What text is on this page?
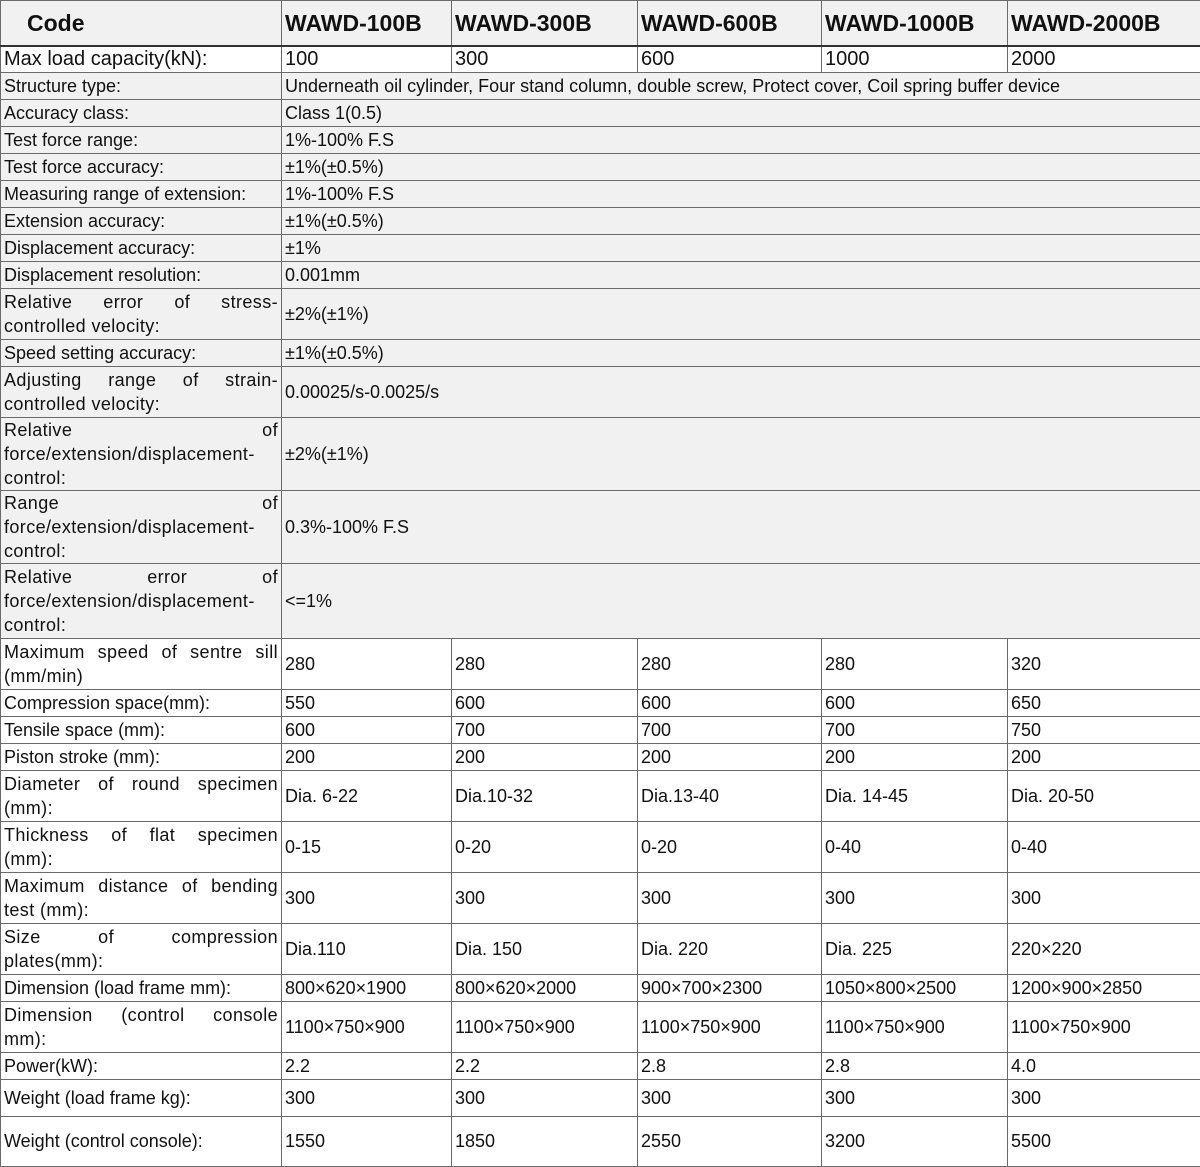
Code	WAWD-100B	WAWD-300B	WAWD-600B	WAWD-1000B	WAWD-2000B
Max load capacity(kN):	100	300	600	1000	2000
Structure type:	Underneath oil cylinder, Four stand column, double screw, Protect cover, Coil spring buffer device				
Accuracy class:	Class 1(0.5)				
Test force range:	1%-100% F.S				
Test force accuracy:	±1%(±0.5%)				
Measuring range of extension:	1%-100% F.S				
Extension accuracy:	±1%(±0.5%)				
Displacement accuracy:	±1%				
Displacement resolution:	0.001mm				
Relative error of stress-controlled velocity:	±2%(±1%)				
Speed setting accuracy:	±1%(±0.5%)				
Adjusting range of strain-controlled velocity:	0.00025/s-0.0025/s				
Relative of force/extension/displacement-control:	±2%(±1%)				
Range of force/extension/displacement-control:	0.3%-100% F.S				
Relative error of force/extension/displacement-control:	<=1%				
Maximum speed of sentre sill (mm/min)	280	280	280	280	320
Compression space(mm):	550	600	600	600	650
Tensile space (mm):	600	700	700	700	750
Piston stroke (mm):	200	200	200	200	200
Diameter of round specimen (mm):	Dia. 6-22	Dia.10-32	Dia.13-40	Dia. 14-45	Dia. 20-50
Thickness of flat specimen (mm):	0-15	0-20	0-20	0-40	0-40
Maximum distance of bending test (mm):	300	300	300	300	300
Size of compression plates(mm):	Dia.110	Dia. 150	Dia. 220	Dia. 225	220×220
Dimension (load frame mm):	800×620×1900	800×620×2000	900×700×2300	1050×800×2500	1200×900×2850
Dimension (control console mm):	1100×750×900	1100×750×900	1100×750×900	1100×750×900	1100×750×900
Power(kW):	2.2	2.2	2.8	2.8	4.0
Weight (load frame kg):	300	300	300	300	300
Weight (control console):	1550	1850	2550	3200	5500
